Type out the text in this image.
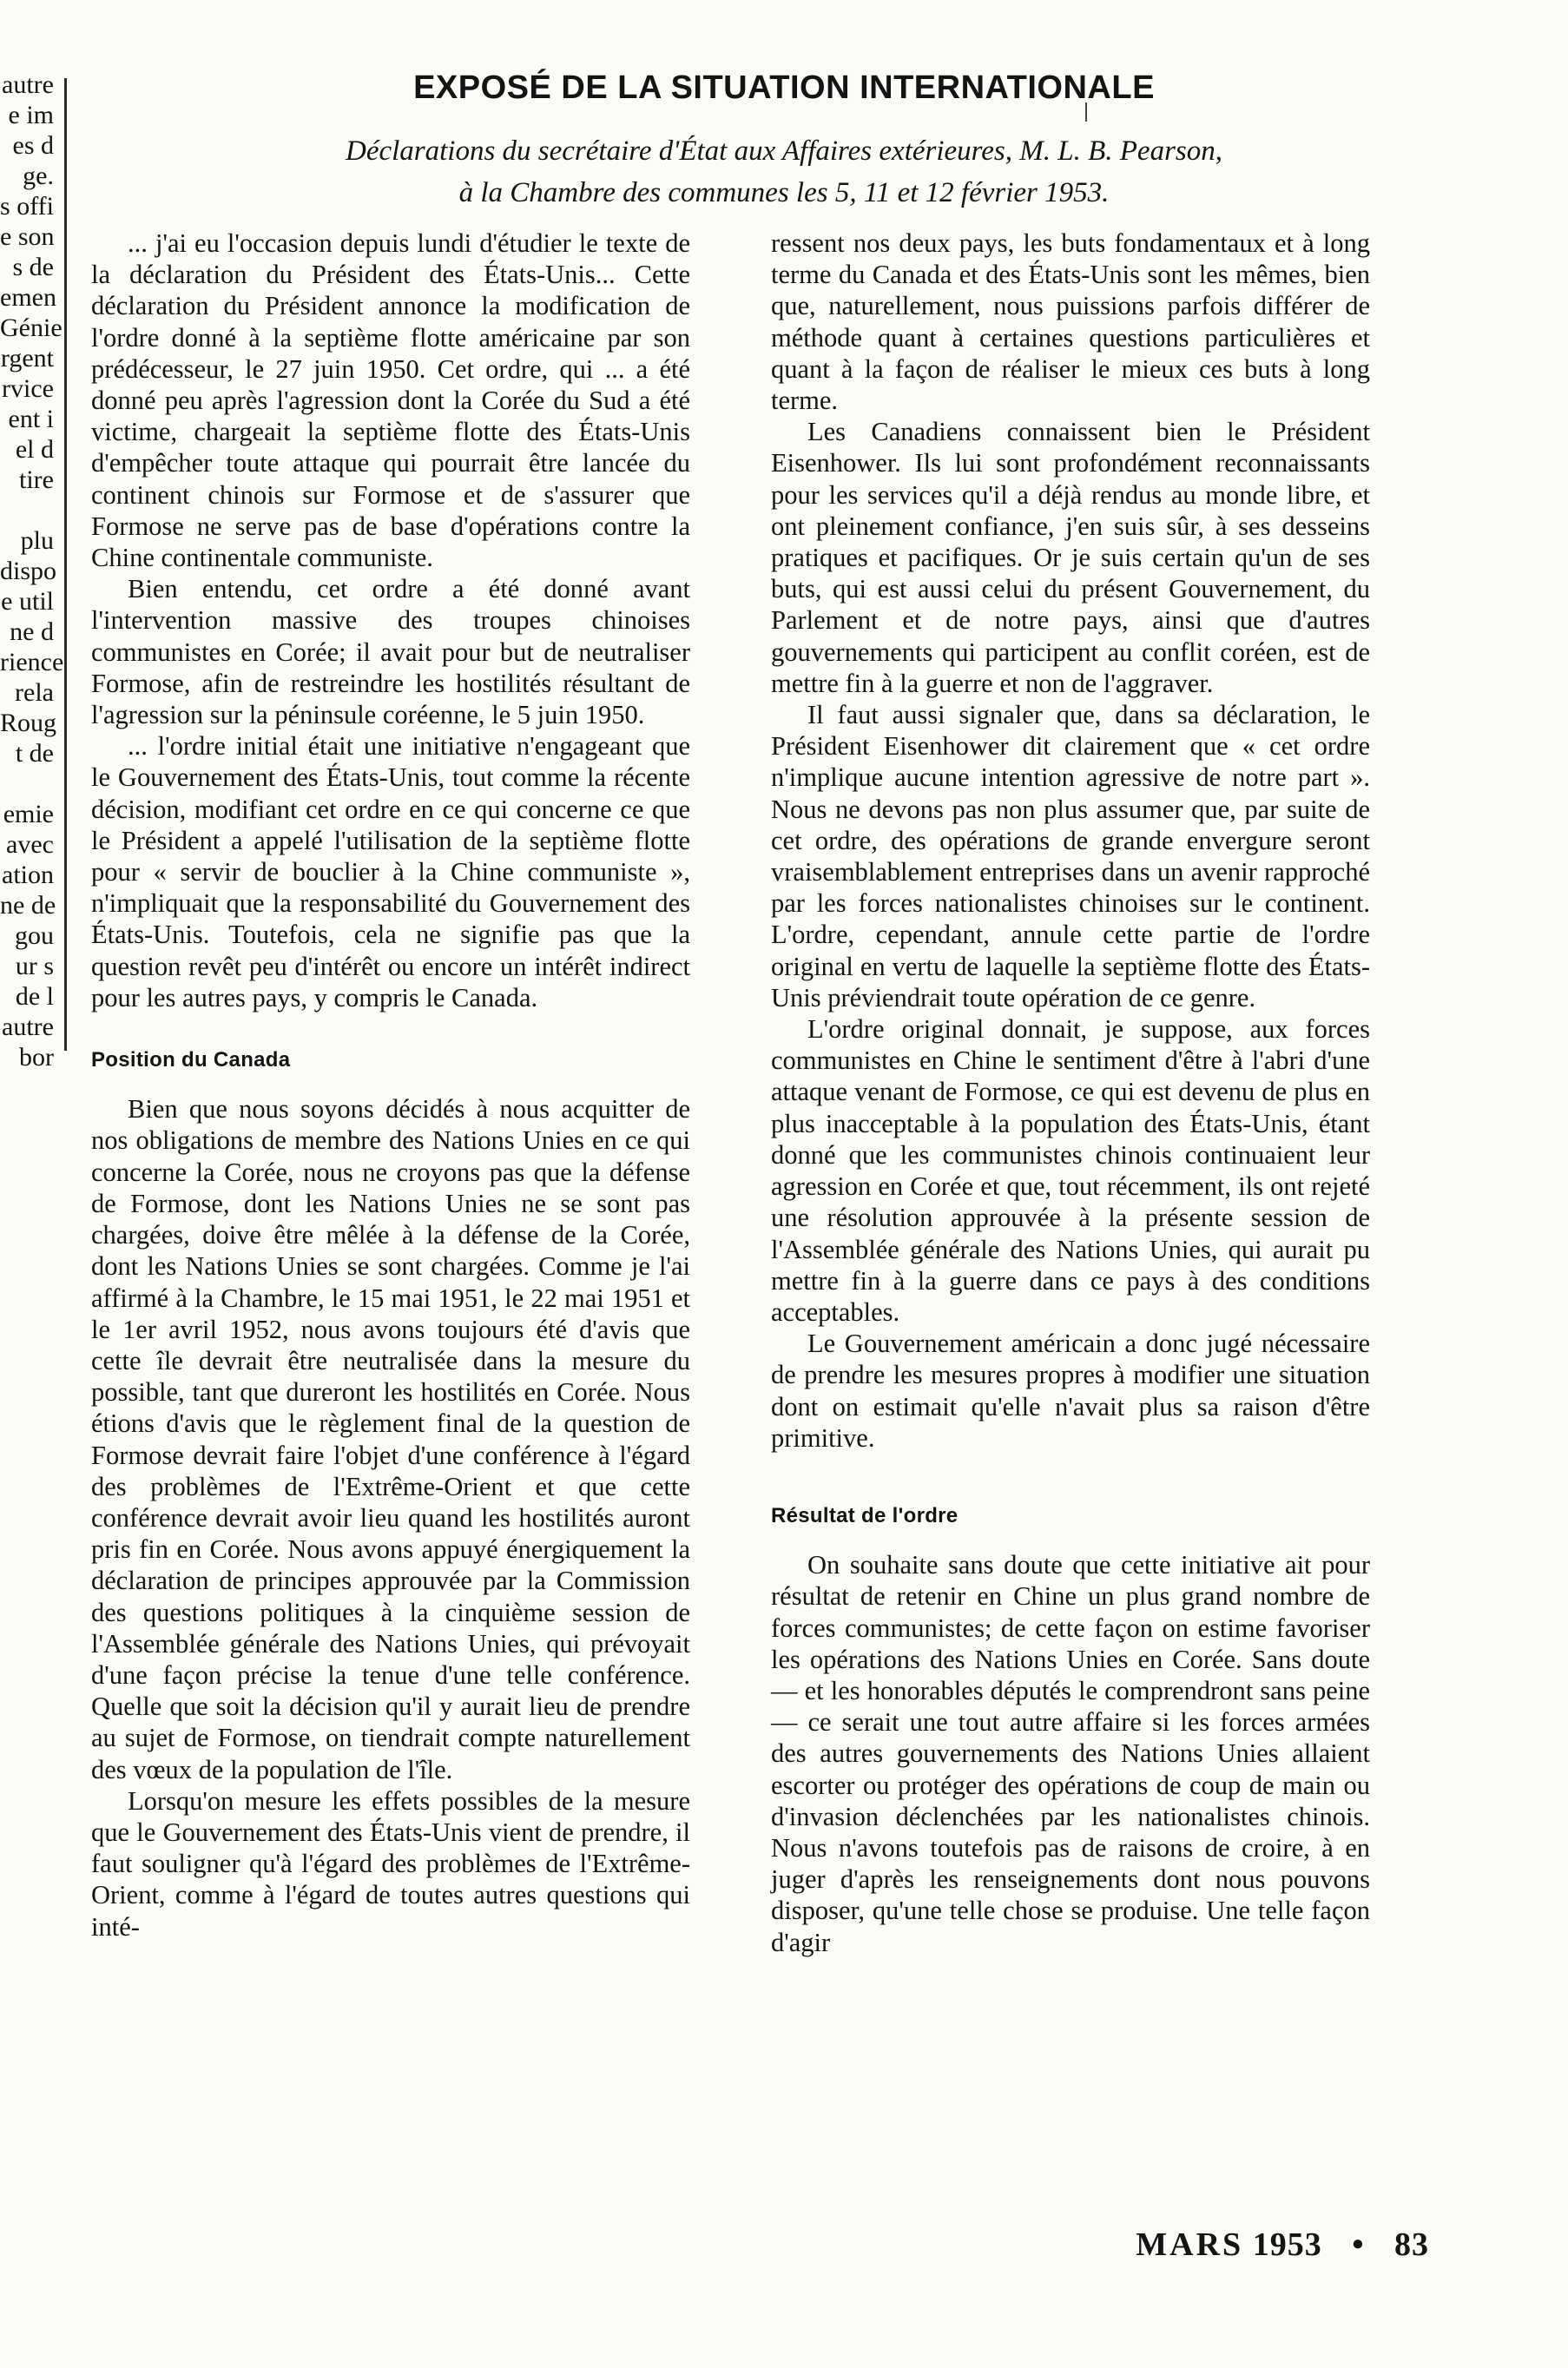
autre
e im
es d
ge.
s offi
e son
s de
emen
Génie
rgent
rvice
ent i
el d
tire

plu
dispo
e util
ne d
rience
rela
Roug
t de

emie
avec
ation
ne de
gou
ur s
de l
autre
bor
EXPOSÉ DE LA SITUATION INTERNATIONALE
Déclarations du secrétaire d'État aux Affaires extérieures, M. L. B. Pearson,
à la Chambre des communes les 5, 11 et 12 février 1953.

... j'ai eu l'occasion depuis lundi d'étudier le texte de la déclaration du Président des États-Unis... Cette déclaration du Président annonce la modification de l'ordre donné à la septième flotte américaine par son prédécesseur, le 27 juin 1950. Cet ordre, qui ... a été donné peu après l'agression dont la Corée du Sud a été victime, chargeait la septième flotte des États-Unis d'empêcher toute attaque qui pourrait être lancée du continent chinois sur Formose et de s'assurer que Formose ne serve pas de base d'opérations contre la Chine continentale communiste.

Bien entendu, cet ordre a été donné avant l'intervention massive des troupes chinoises communistes en Corée; il avait pour but de neutraliser Formose, afin de restreindre les hostilités résultant de l'agression sur la péninsule coréenne, le 5 juin 1950.

... l'ordre initial était une initiative n'engageant que le Gouvernement des États-Unis, tout comme la récente décision, modifiant cet ordre en ce qui concerne ce que le Président a appelé l'utilisation de la septième flotte pour « servir de bouclier à la Chine communiste », n'impliquait que la responsabilité du Gouvernement des États-Unis. Toutefois, cela ne signifie pas que la question revêt peu d'intérêt ou encore un intérêt indirect pour les autres pays, y compris le Canada.

Position du Canada

Bien que nous soyons décidés à nous acquitter de nos obligations de membre des Nations Unies en ce qui concerne la Corée, nous ne croyons pas que la défense de Formose, dont les Nations Unies ne se sont pas chargées, doive être mêlée à la défense de la Corée, dont les Nations Unies se sont chargées. Comme je l'ai affirmé à la Chambre, le 15 mai 1951, le 22 mai 1951 et le 1er avril 1952, nous avons toujours été d'avis que cette île devrait être neutralisée dans la mesure du possible, tant que dureront les hostilités en Corée. Nous étions d'avis que le règlement final de la question de Formose devrait faire l'objet d'une conférence à l'égard des problèmes de l'Extrême-Orient et que cette conférence devrait avoir lieu quand les hostilités auront pris fin en Corée. Nous avons appuyé énergiquement la déclaration de principes approuvée par la Commission des questions politiques à la cinquième session de l'Assemblée générale des Nations Unies, qui prévoyait d'une façon précise la tenue d'une telle conférence. Quelle que soit la décision qu'il y aurait lieu de prendre au sujet de Formose, on tiendrait compte naturellement des vœux de la population de l'île.

Lorsqu'on mesure les effets possibles de la mesure que le Gouvernement des États-Unis vient de prendre, il faut souligner qu'à l'égard des problèmes de l'Extrême-Orient, comme à l'égard de toutes autres questions qui inté-

ressent nos deux pays, les buts fondamentaux et à long terme du Canada et des États-Unis sont les mêmes, bien que, naturellement, nous puissions parfois différer de méthode quant à certaines questions particulières et quant à la façon de réaliser le mieux ces buts à long terme.

Les Canadiens connaissent bien le Président Eisenhower. Ils lui sont profondément reconnaissants pour les services qu'il a déjà rendus au monde libre, et ont pleinement confiance, j'en suis sûr, à ses desseins pratiques et pacifiques. Or je suis certain qu'un de ses buts, qui est aussi celui du présent Gouvernement, du Parlement et de notre pays, ainsi que d'autres gouvernements qui participent au conflit coréen, est de mettre fin à la guerre et non de l'aggraver.

Il faut aussi signaler que, dans sa déclaration, le Président Eisenhower dit clairement que « cet ordre n'implique aucune intention agressive de notre part ». Nous ne devons pas non plus assumer que, par suite de cet ordre, des opérations de grande envergure seront vraisemblablement entreprises dans un avenir rapproché par les forces nationalistes chinoises sur le continent. L'ordre, cependant, annule cette partie de l'ordre original en vertu de laquelle la septième flotte des États-Unis préviendrait toute opération de ce genre.

L'ordre original donnait, je suppose, aux forces communistes en Chine le sentiment d'être à l'abri d'une attaque venant de Formose, ce qui est devenu de plus en plus inacceptable à la population des États-Unis, étant donné que les communistes chinois continuaient leur agression en Corée et que, tout récemment, ils ont rejeté une résolution approuvée à la présente session de l'Assemblée générale des Nations Unies, qui aurait pu mettre fin à la guerre dans ce pays à des conditions acceptables.

Le Gouvernement américain a donc jugé nécessaire de prendre les mesures propres à modifier une situation dont on estimait qu'elle n'avait plus sa raison d'être primitive.

Résultat de l'ordre

On souhaite sans doute que cette initiative ait pour résultat de retenir en Chine un plus grand nombre de forces communistes; de cette façon on estime favoriser les opérations des Nations Unies en Corée. Sans doute — et les honorables députés le comprendront sans peine — ce serait une tout autre affaire si les forces armées des autres gouvernements des Nations Unies allaient escorter ou protéger des opérations de coup de main ou d'invasion déclenchées par les nationalistes chinois. Nous n'avons toutefois pas de raisons de croire, à en juger d'après les renseignements dont nous pouvons disposer, qu'une telle chose se produise. Une telle façon d'agir

MARS 1953 • 83
